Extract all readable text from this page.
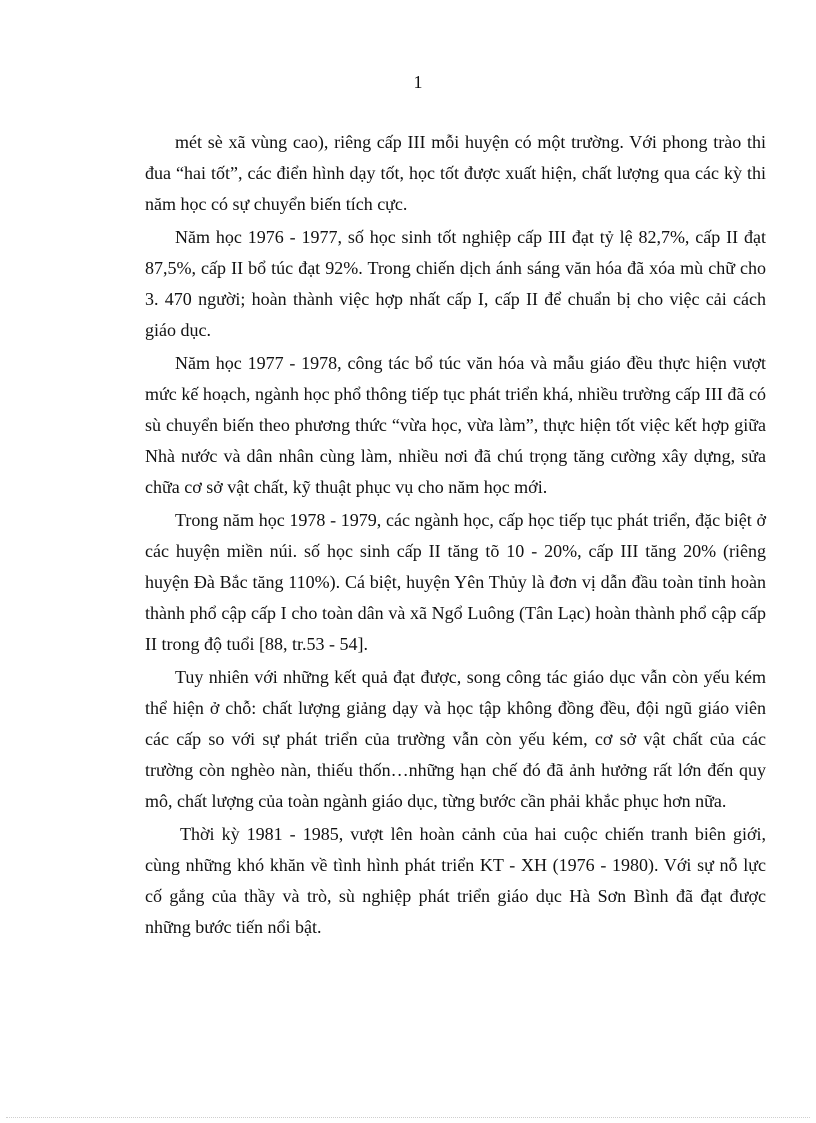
1

mét sè xã vùng cao), riêng cấp III mỗi huyện có một trường. Với phong trào thi đua “hai tốt”, các điển hình dạy tốt, học tốt được xuất hiện, chất lượng qua các kỳ thi năm học có sự chuyển biến tích cực.

Năm học 1976 - 1977, số học sinh tốt nghiệp cấp III đạt tỷ lệ 82,7%, cấp II đạt 87,5%, cấp II bổ túc đạt 92%. Trong chiến dịch ánh sáng văn hóa đã xóa mù chữ cho 3. 470 người; hoàn thành việc hợp nhất cấp I, cấp II để chuẩn bị cho việc cải cách giáo dục.

Năm học 1977 - 1978, công tác bổ túc văn hóa và mẫu giáo đều thực hiện vượt mức kế hoạch, ngành học phổ thông tiếp tục phát triển khá, nhiều trường cấp III đã có sù chuyển biến theo phương thức “vừa học, vừa làm”, thực hiện tốt việc kết hợp giữa Nhà nước và dân nhân cùng làm, nhiều nơi đã chú trọng tăng cường xây dựng, sửa chữa cơ sở vật chất, kỹ thuật phục vụ cho năm học mới.

Trong năm học 1978 - 1979, các ngành học, cấp học tiếp tục phát triển, đặc biệt ở các huyện miền núi. số học sinh cấp II tăng tõ 10 - 20%, cấp III tăng 20% (riêng huyện Đà Bắc tăng 110%). Cá biệt, huyện Yên Thủy là đơn vị dẫn đầu toàn tỉnh hoàn thành phổ cập cấp I cho toàn dân và xã Ngổ Luông (Tân Lạc) hoàn thành phổ cập cấp II trong độ tuổi [88, tr.53 - 54].

Tuy nhiên với những kết quả đạt được, song công tác giáo dục vẫn còn yếu kém thể hiện ở chỗ: chất lượng giảng dạy và học tập không đồng đều, đội ngũ giáo viên các cấp so với sự phát triển của trường vẫn còn yếu kém, cơ sở vật chất của các trường còn nghèo nàn, thiếu thốn…những hạn chế đó đã ảnh hưởng rất lớn đến quy mô, chất lượng của toàn ngành giáo dục, từng bước cần phải khắc phục hơn nữa.

Thời kỳ 1981 - 1985, vượt lên hoàn cảnh của hai cuộc chiến tranh biên giới, cùng những khó khăn về tình hình phát triển KT - XH (1976 - 1980). Với sự nỗ lực cố gắng của thầy và trò, sù nghiệp phát triển giáo dục Hà Sơn Bình đã đạt được những bước tiến nổi bật.
